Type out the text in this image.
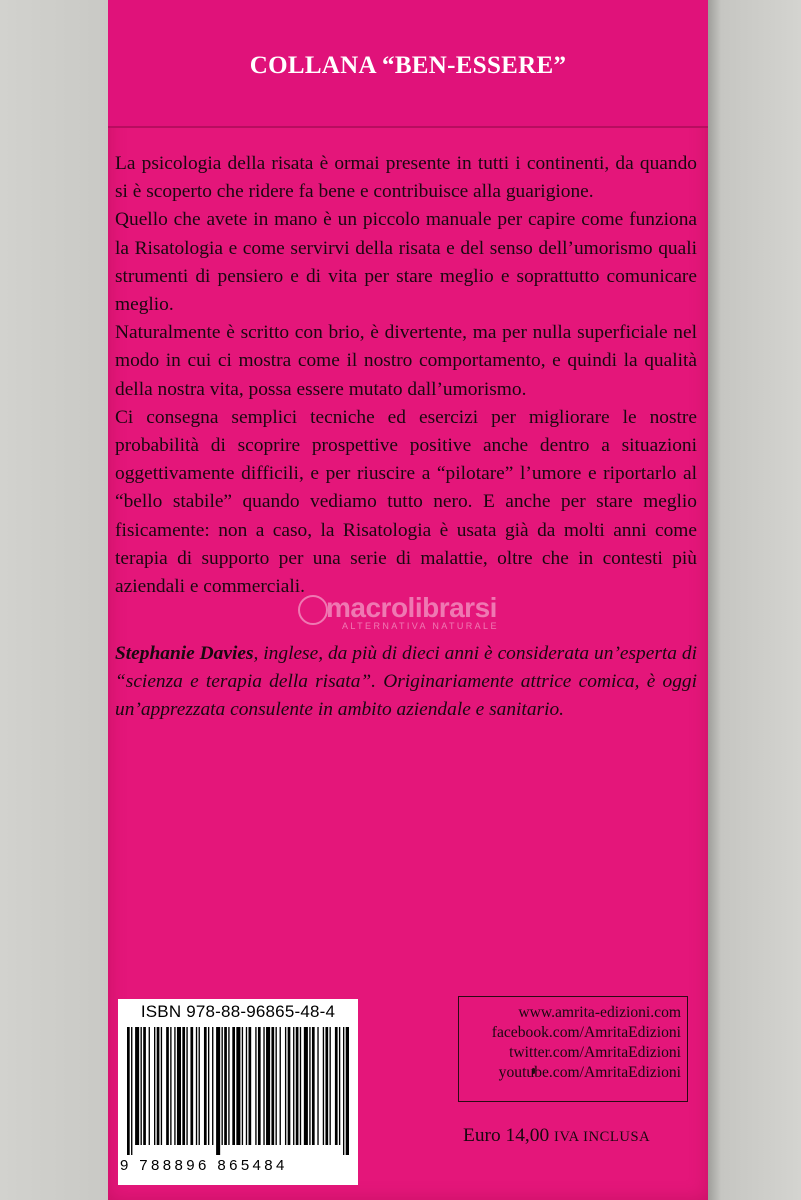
COLLANA “BEN-ESSERE”

La psicologia della risata è ormai presente in tutti i continenti, da quando si è scoperto che ridere fa bene e contribuisce alla guarigione.

Quello che avete in mano è un piccolo manuale per capire come funziona la Risatologia e come servirvi della risata e del senso dell’umorismo quali strumenti di pensiero e di vita per stare meglio e soprattutto comunicare meglio.

Naturalmente è scritto con brio, è divertente, ma per nulla superficiale nel modo in cui ci mostra come il nostro comportamento, e quindi la qualità della nostra vita, possa essere mutato dall’umorismo.

Ci consegna semplici tecniche ed esercizi per migliorare le nostre probabilità di scoprire prospettive positive anche dentro a situazioni oggettivamente difficili, e per riuscire a “pilotare” l’umore e riportarlo al “bello stabile” quando vediamo tutto nero. E anche per stare meglio fisicamente: non a caso, la Risatologia è usata già da molti anni come terapia di supporto per una serie di malattie, oltre che in contesti più aziendali e commerciali.

macrolibrarsi
ALTERNATIVA NATURALE
Stephanie Davies, inglese, da più di dieci anni è considerata un’esperta di “scienza e terapia della risata”. Originariamente attrice comica, è oggi un’apprezzata consulente in ambito aziendale e sanitario.
ISBN 978-88-96865-48-4
9 788896 865484
www.amrita-edizioni.com
facebook.com/AmritaEdizioni
twitter.com/AmritaEdizioni
youtube.com/AmritaEdizioni
Euro 14,00 IVA INCLUSA
